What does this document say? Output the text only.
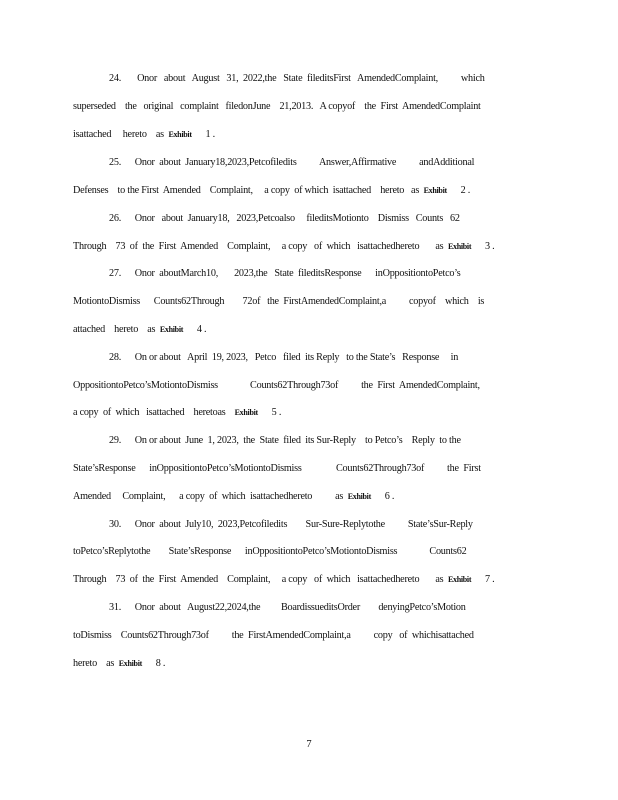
24.       Onor   about   August   31,  2022,the   State  fileditsFirst   AmendedComplaint,          which
superseded    the   original   complaint   filedonJune    21,2013.   A copyof    the  First  AmendedComplaint
isattached     hereto    as  Exhibit 1 .
25.      Onor  about  January18,2023,Petcofiledits          Answer,Affirmative          andAdditional
Defenses    to the First  Amended    Complaint,     a copy  of which  isattached    hereto   as  Exhibit 2 .
26.      Onor   about  January18,   2023,Petcoalso     fileditsMotionto    Dismiss   Counts   62
Through    73  of  the  First  Amended    Complaint,     a copy   of  which   isattachedhereto       as  Exhibit 3 .
27.      Onor  aboutMarch10,       2023,the   State  fileditsResponse      inOppositiontoPetco’s
MotiontoDismiss      Counts62Through        72of   the  FirstAmendedComplaint,a          copyof    which    is
attached    hereto    as  Exhibit 4 .
28.      On or about   April  19, 2023,   Petco   filed  its Reply   to the State’s   Response     in
OppositiontoPetco’sMotiontoDismiss              Counts62Through73of          the  First  AmendedComplaint,
a copy  of  which   isattached    heretoas    Exhibit 5 .
29.      On or about  June  1, 2023,  the  State  filed  its Sur-Reply    to Petco’s    Reply  to the
State’sResponse      inOppositiontoPetco’sMotiontoDismiss               Counts62Through73of          the  First
Amended     Complaint,      a copy  of  which  isattachedhereto          as  Exhibit 6 .
30.      Onor  about  July10,  2023,Petcofiledits        Sur-Sure-Replytothe          State’sSur-Reply
toPetco’sReplytothe        State’sResponse      inOppositiontoPetco’sMotiontoDismiss              Counts62
Through    73  of  the  First  Amended    Complaint,     a copy   of  which   isattachedhereto       as  Exhibit 7 .
31.      Onor  about   August22,2024,the         BoardissueditsOrder        denyingPetco’sMotion
toDismiss    Counts62Through73of          the  FirstAmendedComplaint,a          copy   of  whichisattached
hereto    as  Exhibit 8 .
7
